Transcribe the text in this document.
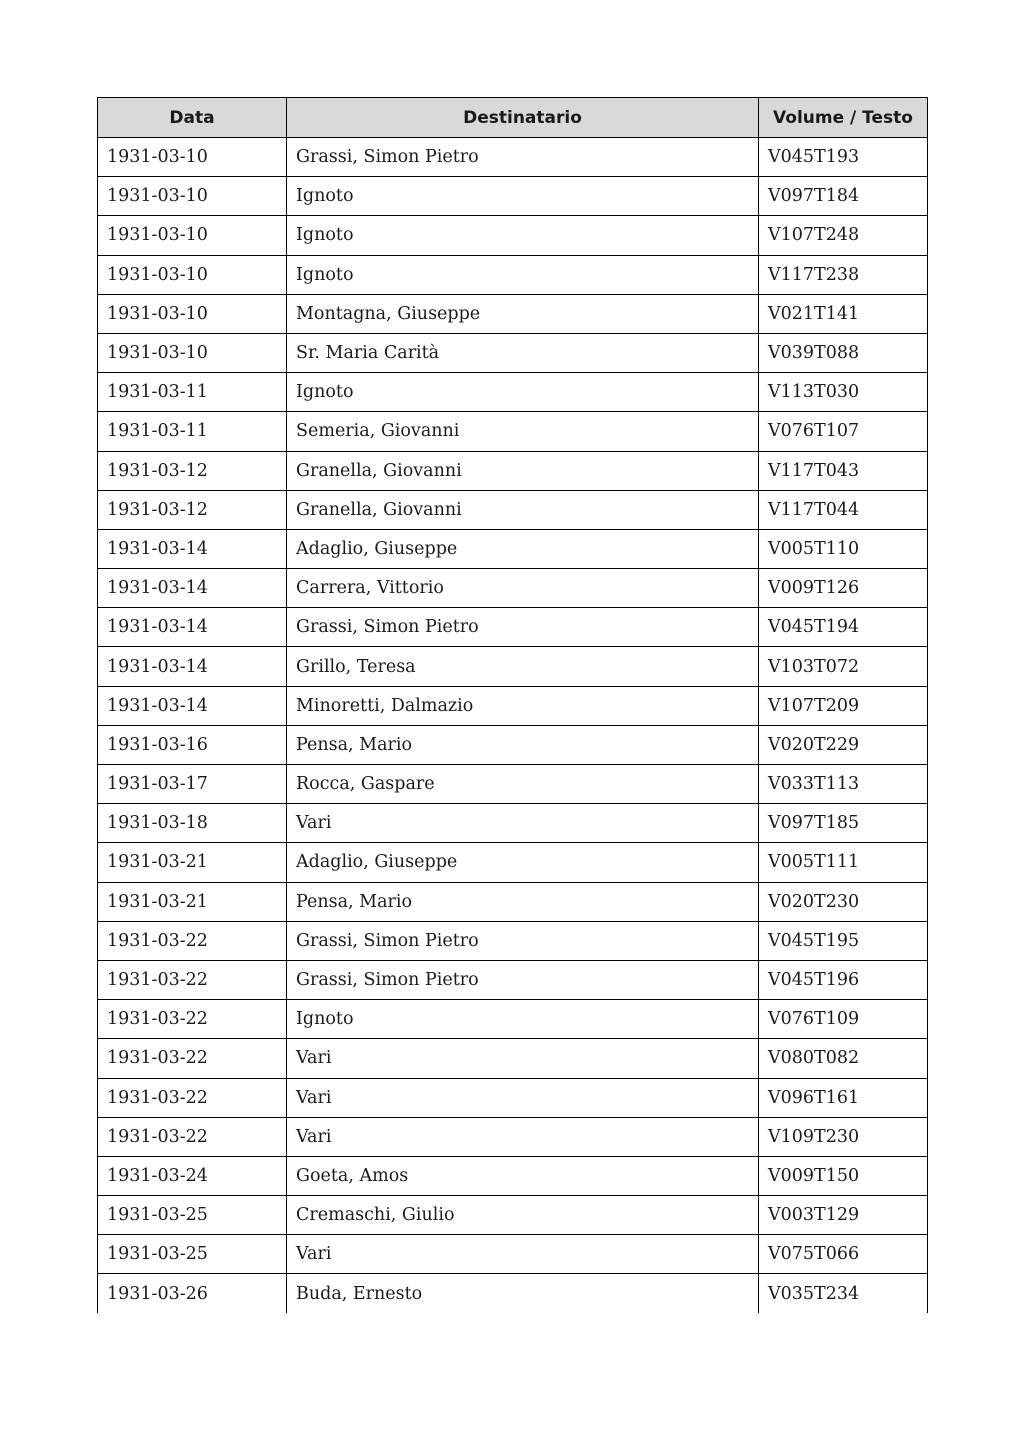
Data	Destinatario	Volume / Testo
1931-03-10	Grassi, Simon Pietro	V045T193
1931-03-10	Ignoto	V097T184
1931-03-10	Ignoto	V107T248
1931-03-10	Ignoto	V117T238
1931-03-10	Montagna, Giuseppe	V021T141
1931-03-10	Sr. Maria Carità	V039T088
1931-03-11	Ignoto	V113T030
1931-03-11	Semeria, Giovanni	V076T107
1931-03-12	Granella, Giovanni	V117T043
1931-03-12	Granella, Giovanni	V117T044
1931-03-14	Adaglio, Giuseppe	V005T110
1931-03-14	Carrera, Vittorio	V009T126
1931-03-14	Grassi, Simon Pietro	V045T194
1931-03-14	Grillo, Teresa	V103T072
1931-03-14	Minoretti, Dalmazio	V107T209
1931-03-16	Pensa, Mario	V020T229
1931-03-17	Rocca, Gaspare	V033T113
1931-03-18	Vari	V097T185
1931-03-21	Adaglio, Giuseppe	V005T111
1931-03-21	Pensa, Mario	V020T230
1931-03-22	Grassi, Simon Pietro	V045T195
1931-03-22	Grassi, Simon Pietro	V045T196
1931-03-22	Ignoto	V076T109
1931-03-22	Vari	V080T082
1931-03-22	Vari	V096T161
1931-03-22	Vari	V109T230
1931-03-24	Goeta, Amos	V009T150
1931-03-25	Cremaschi, Giulio	V003T129
1931-03-25	Vari	V075T066
1931-03-26	Buda, Ernesto	V035T234
